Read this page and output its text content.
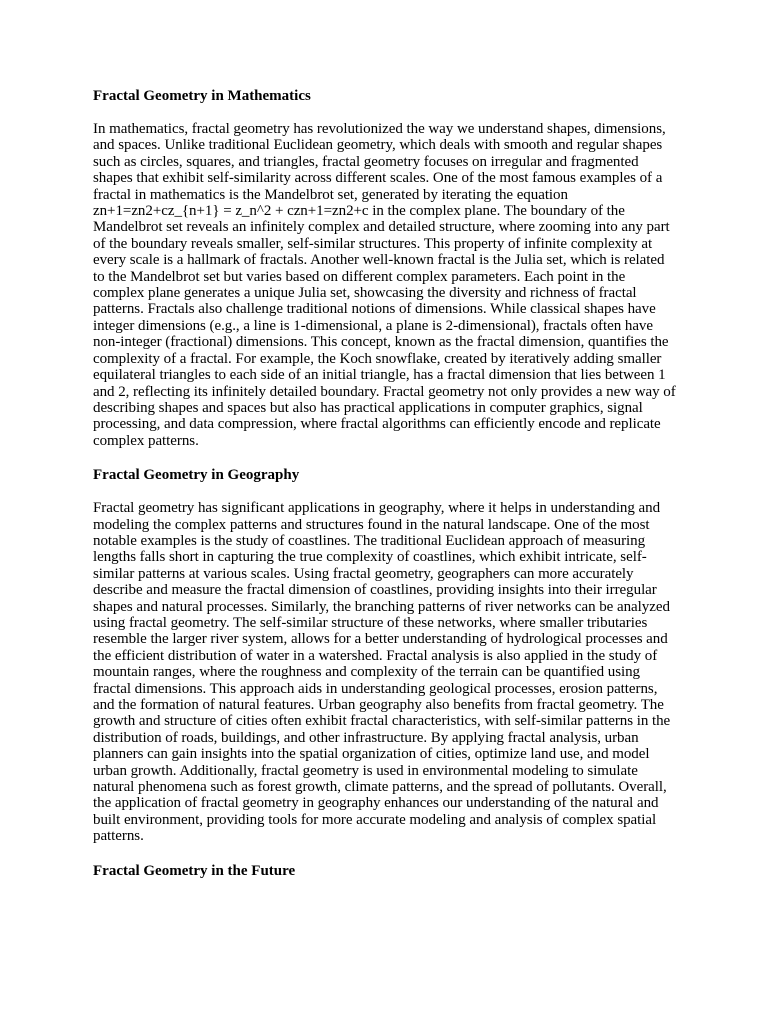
Fractal Geometry in Mathematics

In mathematics, fractal geometry has revolutionized the way we understand shapes, dimensions, and spaces. Unlike traditional Euclidean geometry, which deals with smooth and regular shapes such as circles, squares, and triangles, fractal geometry focuses on irregular and fragmented shapes that exhibit self-similarity across different scales. One of the most famous examples of a fractal in mathematics is the Mandelbrot set, generated by iterating the equation zn+1=zn2+cz_{n+1} = z_n^2 + czn+1=zn2+c in the complex plane. The boundary of the Mandelbrot set reveals an infinitely complex and detailed structure, where zooming into any part of the boundary reveals smaller, self-similar structures. This property of infinite complexity at every scale is a hallmark of fractals. Another well-known fractal is the Julia set, which is related to the Mandelbrot set but varies based on different complex parameters. Each point in the complex plane generates a unique Julia set, showcasing the diversity and richness of fractal patterns. Fractals also challenge traditional notions of dimensions. While classical shapes have integer dimensions (e.g., a line is 1-dimensional, a plane is 2-dimensional), fractals often have non-integer (fractional) dimensions. This concept, known as the fractal dimension, quantifies the complexity of a fractal. For example, the Koch snowflake, created by iteratively adding smaller equilateral triangles to each side of an initial triangle, has a fractal dimension that lies between 1 and 2, reflecting its infinitely detailed boundary. Fractal geometry not only provides a new way of describing shapes and spaces but also has practical applications in computer graphics, signal processing, and data compression, where fractal algorithms can efficiently encode and replicate complex patterns.

Fractal Geometry in Geography

Fractal geometry has significant applications in geography, where it helps in understanding and modeling the complex patterns and structures found in the natural landscape. One of the most notable examples is the study of coastlines. The traditional Euclidean approach of measuring lengths falls short in capturing the true complexity of coastlines, which exhibit intricate, self-similar patterns at various scales. Using fractal geometry, geographers can more accurately describe and measure the fractal dimension of coastlines, providing insights into their irregular shapes and natural processes. Similarly, the branching patterns of river networks can be analyzed using fractal geometry. The self-similar structure of these networks, where smaller tributaries resemble the larger river system, allows for a better understanding of hydrological processes and the efficient distribution of water in a watershed. Fractal analysis is also applied in the study of mountain ranges, where the roughness and complexity of the terrain can be quantified using fractal dimensions. This approach aids in understanding geological processes, erosion patterns, and the formation of natural features. Urban geography also benefits from fractal geometry. The growth and structure of cities often exhibit fractal characteristics, with self-similar patterns in the distribution of roads, buildings, and other infrastructure. By applying fractal analysis, urban planners can gain insights into the spatial organization of cities, optimize land use, and model urban growth. Additionally, fractal geometry is used in environmental modeling to simulate natural phenomena such as forest growth, climate patterns, and the spread of pollutants. Overall, the application of fractal geometry in geography enhances our understanding of the natural and built environment, providing tools for more accurate modeling and analysis of complex spatial patterns.

Fractal Geometry in the Future
